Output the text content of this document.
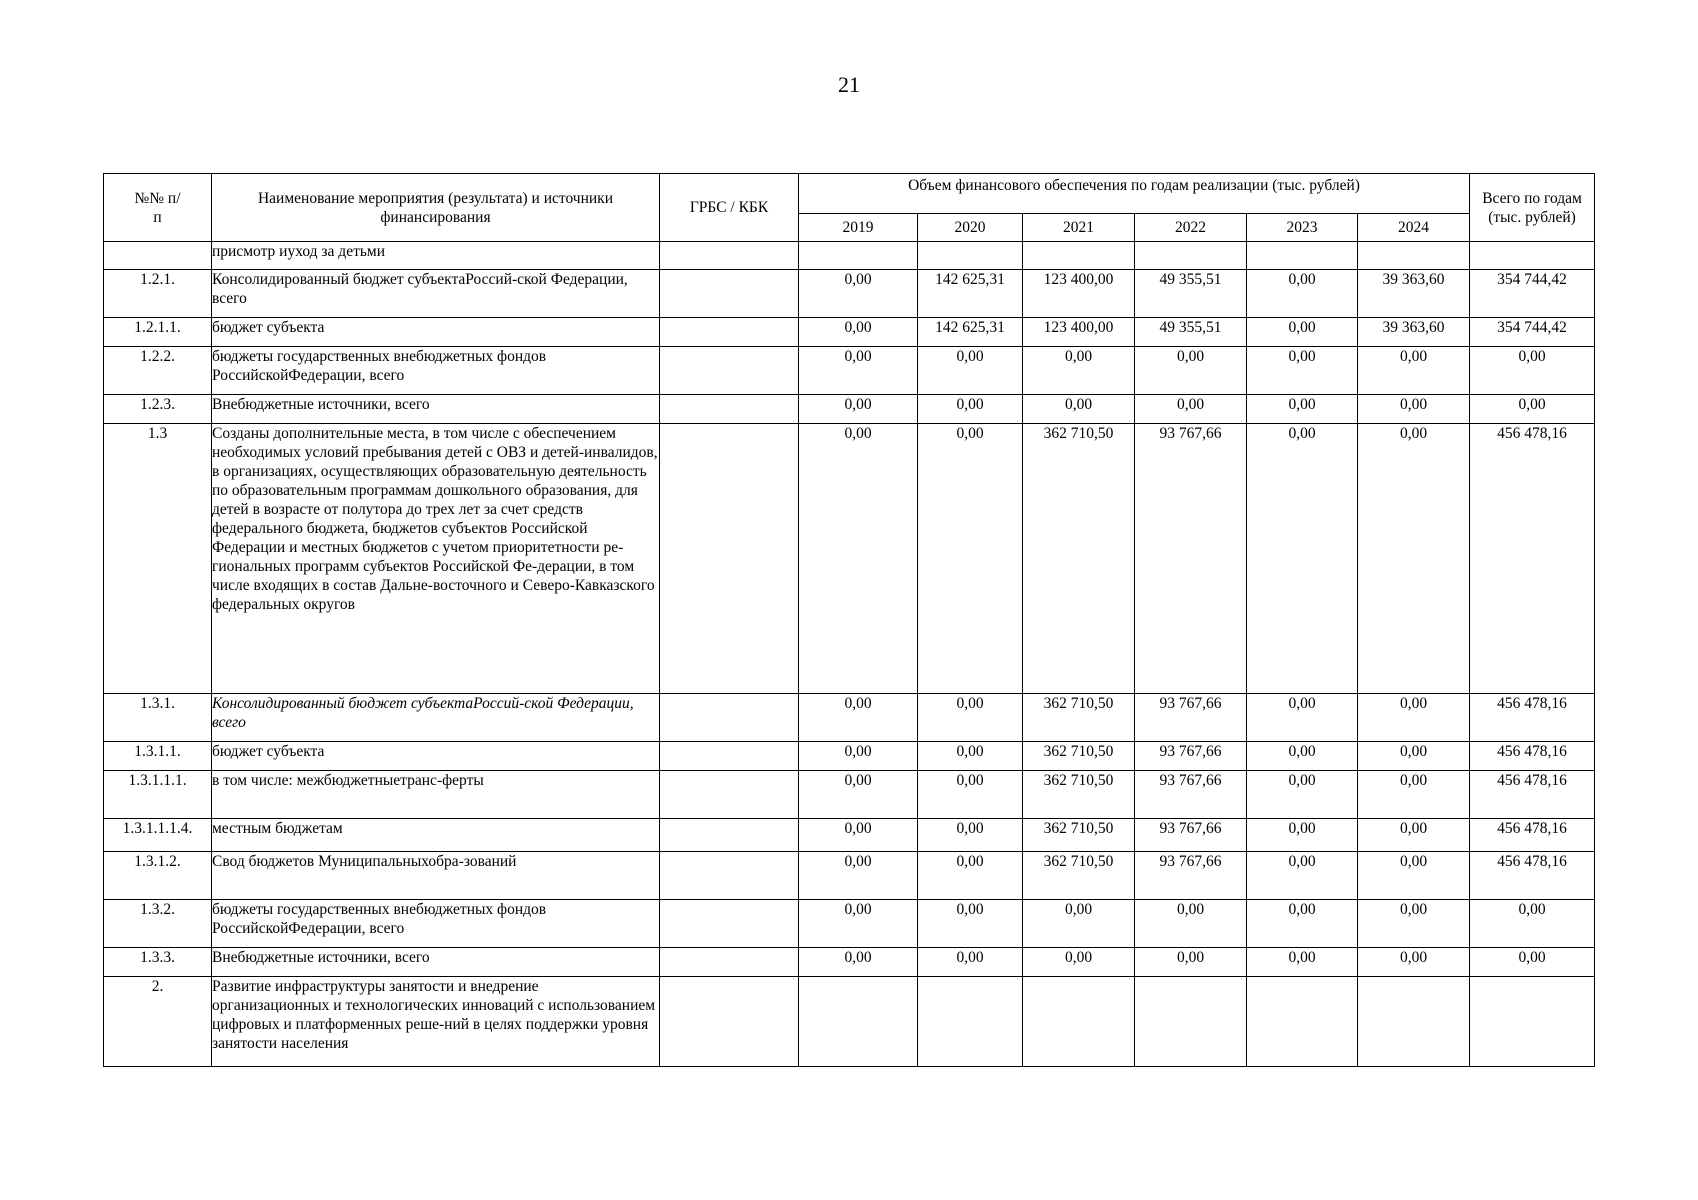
21
№№ п/п	Наименование мероприятия (результата) и источники финансирования	ГРБС / КБК	Объем финансового обеспечения по годам реализации (тыс. рублей)						Всего по годам (тыс. рублей)
			2019	2020	2021	2022	2023	2024	
	присмотр иуход за детьми								
1.2.1.	Консолидированный бюджет субъектаРоссий-ской Федерации, всего		0,00	142 625,31	123 400,00	49 355,51	0,00	39 363,60	354 744,42
1.2.1.1.	бюджет субъекта		0,00	142 625,31	123 400,00	49 355,51	0,00	39 363,60	354 744,42
1.2.2.	бюджеты государственных внебюджетных фондов РоссийскойФедерации, всего		0,00	0,00	0,00	0,00	0,00	0,00	0,00
1.2.3.	Внебюджетные источники, всего		0,00	0,00	0,00	0,00	0,00	0,00	0,00
1.3	Созданы дополнительные места, в том числе с обеспечением необходимых условий пребывания детей с ОВЗ и детей-инвалидов, в организациях, осуществляющих образовательную деятельность по образовательным программам дошкольного образования, для детей в возрасте от полутора до трех лет за счет средств федерального бюджета, бюджетов субъектов Российской Федерации и местных бюджетов с учетом приоритетности ре-гиональных программ субъектов Российской Фе-дерации, в том числе входящих в состав Дальне-восточного и Северо-Кавказского федеральных округов		0,00	0,00	362 710,50	93 767,66	0,00	0,00	456 478,16
1.3.1.	Консолидированный бюджет субъектаРоссий-ской Федерации, всего		0,00	0,00	362 710,50	93 767,66	0,00	0,00	456 478,16
1.3.1.1.	бюджет субъекта		0,00	0,00	362 710,50	93 767,66	0,00	0,00	456 478,16
1.3.1.1.1.	в том числе: межбюджетныетранс-ферты		0,00	0,00	362 710,50	93 767,66	0,00	0,00	456 478,16
1.3.1.1.1.4.	местным бюджетам		0,00	0,00	362 710,50	93 767,66	0,00	0,00	456 478,16
1.3.1.2.	Свод бюджетов Муниципальныхобра-зований		0,00	0,00	362 710,50	93 767,66	0,00	0,00	456 478,16
1.3.2.	бюджеты государственных внебюджетных фондов РоссийскойФедерации, всего		0,00	0,00	0,00	0,00	0,00	0,00	0,00
1.3.3.	Внебюджетные источники, всего		0,00	0,00	0,00	0,00	0,00	0,00	0,00
2.	Развитие инфраструктуры занятости и внедрение организационных и технологических инноваций с использованием цифровых и платформенных реше-ний в целях поддержки уровня занятости населения								
